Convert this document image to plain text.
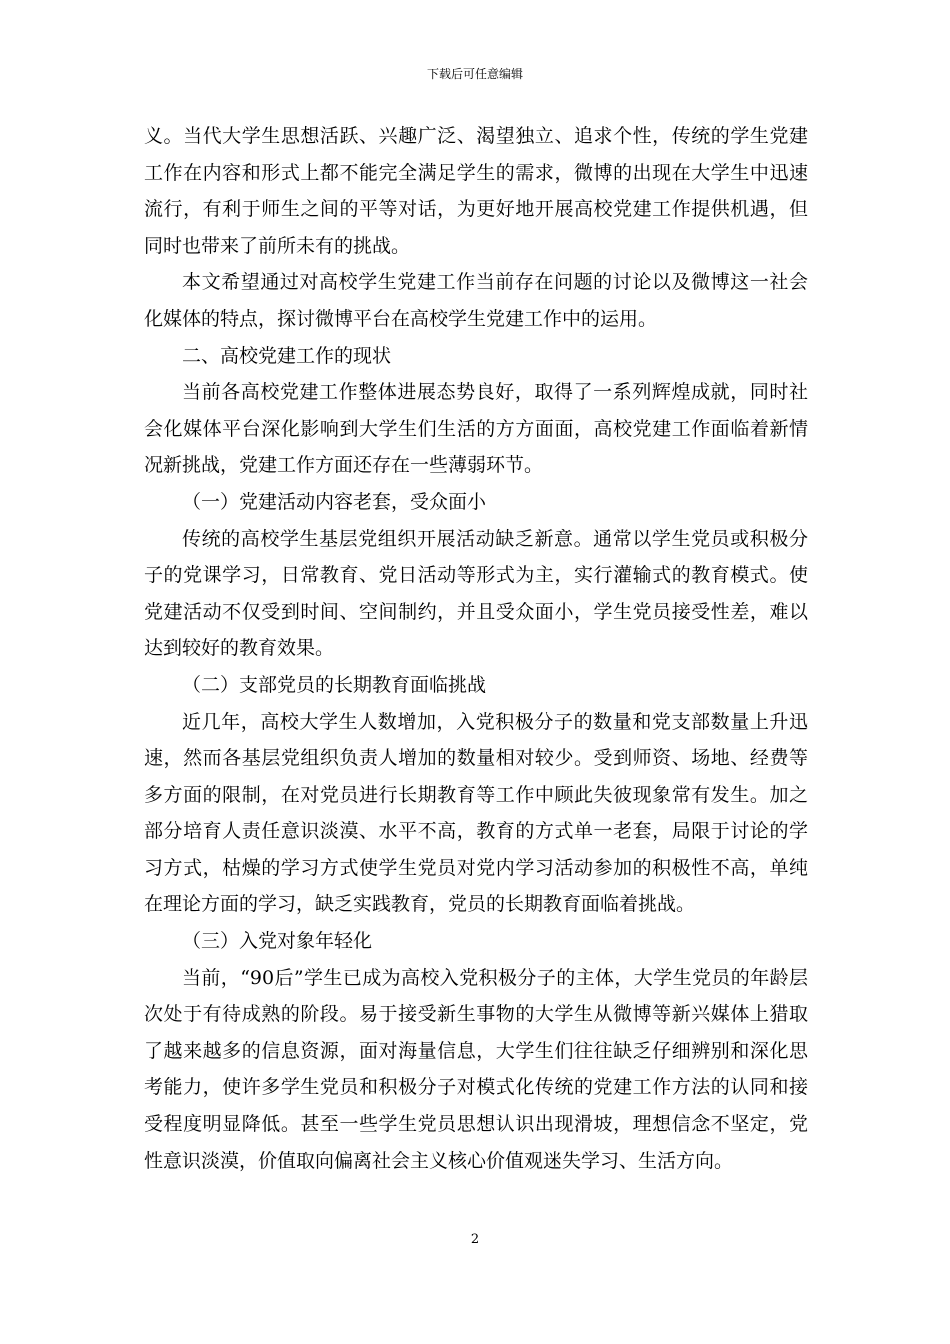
下载后可任意编辑

义。当代大学生思想活跃、兴趣广泛、渴望独立、追求个性，传统的学生党建工作在内容和形式上都不能完全满足学生的需求，微博的出现在大学生中迅速流行，有利于师生之间的平等对话，为更好地开展高校党建工作提供机遇，但同时也带来了前所未有的挑战。

本文希望通过对高校学生党建工作当前存在问题的讨论以及微博这一社会化媒体的特点，探讨微博平台在高校学生党建工作中的运用。

二、高校党建工作的现状

当前各高校党建工作整体进展态势良好，取得了一系列辉煌成就，同时社会化媒体平台深化影响到大学生们生活的方方面面，高校党建工作面临着新情况新挑战，党建工作方面还存在一些薄弱环节。

（一）党建活动内容老套，受众面小

传统的高校学生基层党组织开展活动缺乏新意。通常以学生党员或积极分子的党课学习，日常教育、党日活动等形式为主，实行灌输式的教育模式。使党建活动不仅受到时间、空间制约，并且受众面小，学生党员接受性差，难以达到较好的教育效果。

（二）支部党员的长期教育面临挑战

近几年，高校大学生人数增加，入党积极分子的数量和党支部数量上升迅速，然而各基层党组织负责人增加的数量相对较少。受到师资、场地、经费等多方面的限制，在对党员进行长期教育等工作中顾此失彼现象常有发生。加之部分培育人责任意识淡漠、水平不高，教育的方式单一老套，局限于讨论的学习方式，枯燥的学习方式使学生党员对党内学习活动参加的积极性不高，单纯在理论方面的学习，缺乏实践教育，党员的长期教育面临着挑战。

（三）入党对象年轻化

当前，“90后”学生已成为高校入党积极分子的主体，大学生党员的年龄层次处于有待成熟的阶段。易于接受新生事物的大学生从微博等新兴媒体上猎取了越来越多的信息资源，面对海量信息，大学生们往往缺乏仔细辨别和深化思考能力，使许多学生党员和积极分子对模式化传统的党建工作方法的认同和接受程度明显降低。甚至一些学生党员思想认识出现滑坡，理想信念不坚定，党性意识淡漠，价值取向偏离社会主义核心价值观迷失学习、生活方向。

2
